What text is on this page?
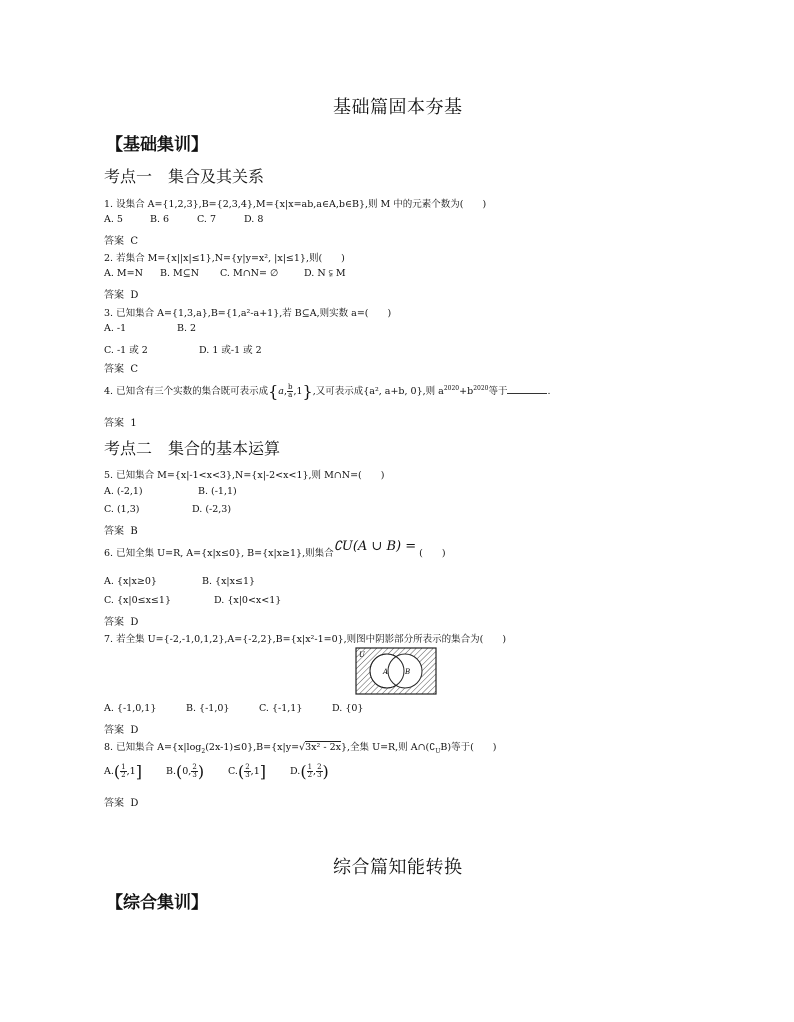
基础篇固本夯基
【基础集训】
考点一　集合及其关系
1. 设集合 A={1,2,3},B={2,3,4},M={x|x=ab,a∈A,b∈B},则 M 中的元素个数为(　　)
A. 5	B. 6	C. 7	D. 8
答案 C
2. 若集合 M={x||x|≤1},N={y|y=x², |x|≤1},则(　　)
A. M=N B. M⊆N C. M∩N= ∅	D. N ⫋ M
答案 D
3. 已知集合 A={1,3,a},B={1,a²-a+1},若 B⊆A,则实数 a=(　　)
A. -1	B. 2
C. -1 或 2	D. 1 或-1 或 2
答案 C
4. 已知含有三个实数的集合既可表示成{a, $\frac{b}{a} ,1$},又可表示成{a², a+b, 0},则 $a^{2020}+b^{2020}$等于	.
答案 1
考点二　集合的基本运算
5. 已知集合 M={x|-1<x<3},N={x|-2<x<1},则 M∩N=(　　)
A. (-2,1)	B. (-1,1)
C. (1,3)	D. (-2,3)
答案 B
6. 已知全集 U=R, A={x|x≤0}, B={x|x≥1},则集合∁U(A ∪ B) = (　　)
A. {x|x≥0}	B. {x|x≤1}
C. {x|0≤x≤1}	D. {x|0<x<1}
答案 D
7. 若全集 U={-2,-1,0,1,2},A={-2,2},B={x|x²-1=0},则图中阴影部分所表示的集合为(　　)
U
A B
A. {-1,0,1}	B. {-1,0}	C. {-1,1}	D. {0}
答案 D
8. 已知集合 $A=\{x|\log_2(2x-1)\le 0\},B=\{x|y=√3x^2 - 2x\}$,全集 U=R,则 $A\cap(∁_UB)$等于(　　)
$A.( \frac{1}{2} ,1]$	B.(0, $\frac{2}{3}$ )	$C.( \frac{2}{3} ,1]$	$D.( \frac{1}{2}$ , $\frac{2}{3}$ )
答案 D
综合篇知能转换
【综合集训】
